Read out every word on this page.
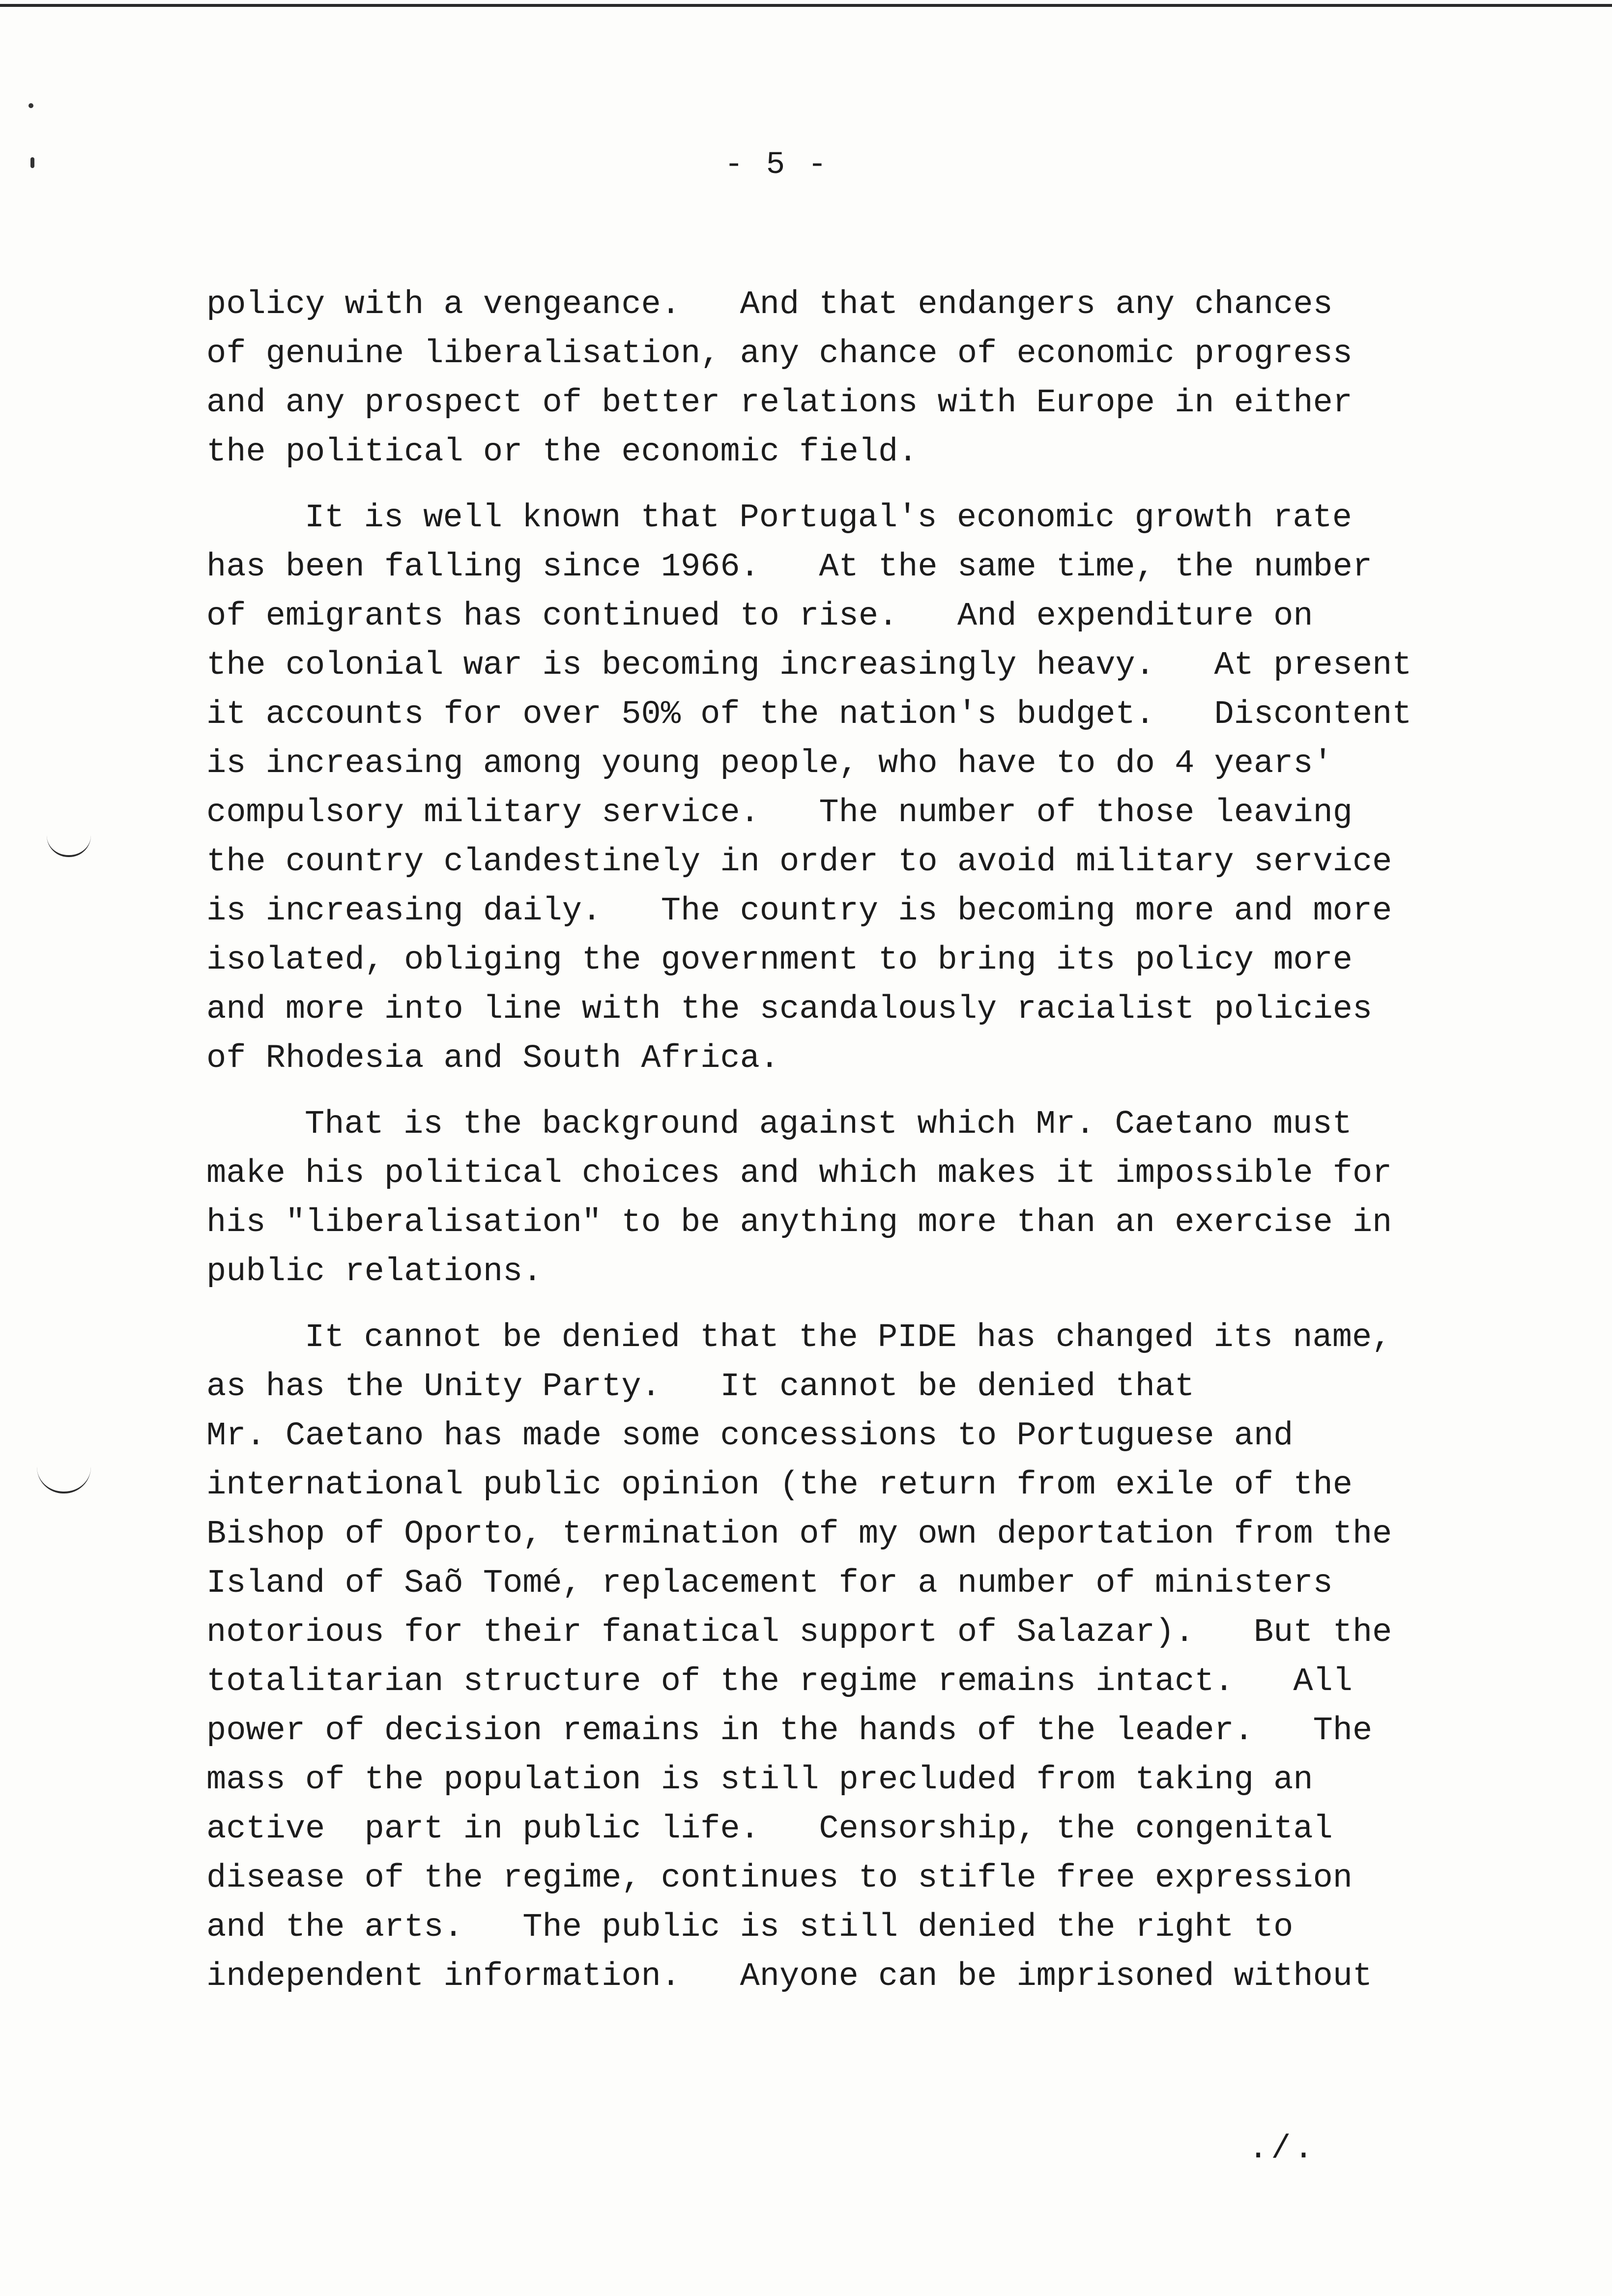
- 5 -
policy with a vengeance.   And that endangers any chances
of genuine liberalisation, any chance of economic progress
and any prospect of better relations with Europe in either
the political or the economic field.
It is well known that Portugal's economic growth rate
has been falling since 1966.   At the same time, the number
of emigrants has continued to rise.   And expenditure on
the colonial war is becoming increasingly heavy.   At present
it accounts for over 50% of the nation's budget.   Discontent
is increasing among young people, who have to do 4 years'
compulsory military service.   The number of those leaving
the country clandestinely in order to avoid military service
is increasing daily.   The country is becoming more and more
isolated, obliging the government to bring its policy more
and more into line with the scandalously racialist policies
of Rhodesia and South Africa.
That is the background against which Mr. Caetano must
make his political choices and which makes it impossible for
his "liberalisation" to be anything more than an exercise in
public relations.
It cannot be denied that the PIDE has changed its name,
as has the Unity Party.   It cannot be denied that
Mr. Caetano has made some concessions to Portuguese and
international public opinion (the return from exile of the
Bishop of Oporto, termination of my own deportation from the
Island of Saõ Tomé, replacement for a number of ministers
notorious for their fanatical support of Salazar).   But the
totalitarian structure of the regime remains intact.   All
power of decision remains in the hands of the leader.   The
mass of the population is still precluded from taking an
active  part in public life.   Censorship, the congenital
disease of the regime, continues to stifle free expression
and the arts.   The public is still denied the right to
independent information.   Anyone can be imprisoned without
./.
